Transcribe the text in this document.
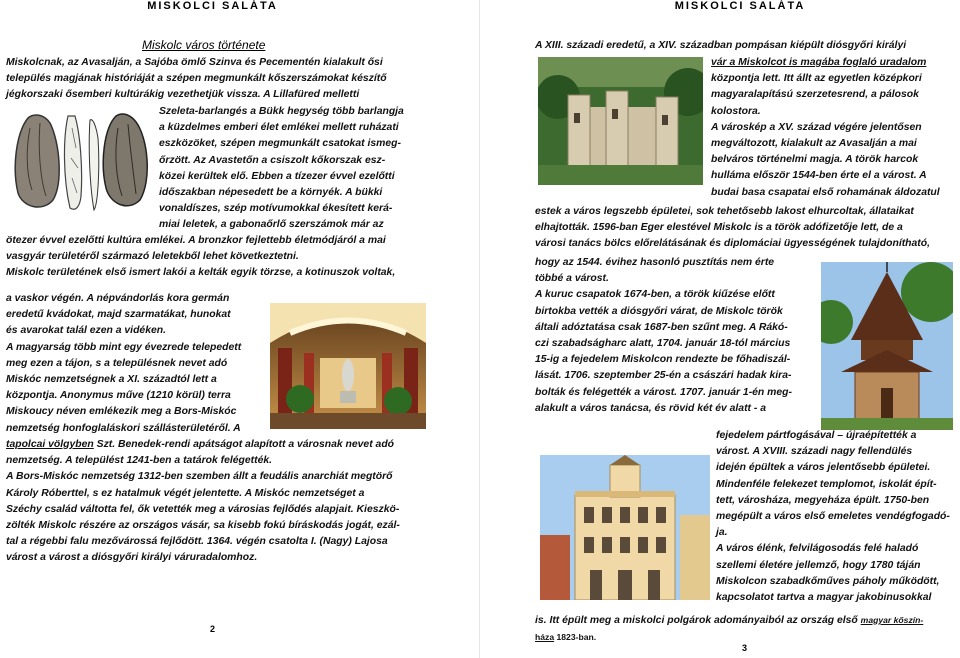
MISKOLCI SALÁTA
Miskolc város története
Miskolcnak, az Avasalján, a Sajóba ömlő Szinva és Pecementén kialakult ősi
település magjának históriáját a szépen megmunkált kőszerszámokat készítő
jégkorszaki ősemberi kultúrákig vezethetjük vissza. A Lillafüred melletti
Szeleta-barlangés a Bükk hegység több barlangja
a küzdelmes emberi élet emlékei mellett ruházati
eszközöket, szépen megmunkált csatokat ismeg-
őrzött. Az Avastetőn a csiszolt kőkorszak esz-
közei kerültek elő. Ebben a tízezer évvel ezelőtti
időszakban népesedett be a környék. A bükki
vonaldíszes, szép motívumokkal ékesített kerá-
miai leletek, a gabonaőrlő szerszámok már az
ötezer évvel ezelőtti kultúra emlékei. A bronzkor fejlettebb életmódjáról a mai
vasgyár területéről származó leletekből lehet következtetni.
Miskolc területének első ismert lakói a kelták egyik törzse, a kotinuszok voltak,
a vaskor végén. A népvándorlás kora germán
eredetű kvádokat, majd szarmatákat, hunokat
és avarokat talál ezen a vidéken.
A magyarság több mint egy évezrede telepedett
meg ezen a tájon, s a településnek nevet adó
Miskóc nemzetségnek a XI. századtól lett a
központja. Anonymus műve (1210 körül) terra
Miskoucy néven emlékezik meg a Bors-Miskóc
nemzetség honfoglaláskori szállásterületéről. A
tapolcai völgyben Szt. Benedek-rendi apátságot alapított a városnak nevet adó
nemzetség. A települést 1241-ben a tatárok felégették.
A Bors-Miskóc nemzetség 1312-ben szemben állt a feudális anarchiát megtörő
Károly Róberttel, s ez hatalmuk végét jelentette. A Miskóc nemzetséget a
Széchy család váltotta fel, ők vetették meg a városias fejlődés alapjait. Kieszkö-
zölték Miskolc részére az országos vásár, sa kisebb fokú bíráskodás jogát, ezál-
tal a régebbi falu mezővárossá fejlődött. 1364. végén csatolta I. (Nagy) Lajosa
várost a várost a diósgyőri királyi váruradalomhoz.
2
MISKOLCI SALÁTA
A XIII. századi eredetű, a XIV. században pompásan kiépült diósgyőri királyi
vár a Miskolcot is magába foglaló uradalom
központja lett. Itt állt az egyetlen középkori
magyaralapítású szerzetesrend, a pálosok
kolostora.
A városkép a XV. század végére jelentősen
megváltozott, kialakult az Avasalján a mai
belváros történelmi magja. A török harcok
hulláma először 1544-ben érte el a várost. A
budai basa csapatai első rohamának áldozatul
estek a város legszebb épületei, sok tehetősebb lakost elhurcoltak, állataikat
elhajtották. 1596-ban Eger elestével Miskolc is a török adófizetője lett, de a
városi tanács bölcs előrelátásának és diplomáciai ügyességének tulajdonítható,
hogy az 1544. évihez hasonló pusztítás nem érte
többé a várost.
A kuruc csapatok 1674-ben, a török kiűzése előtt
birtokba vették a diósgyőri várat, de Miskolc török
általi adóztatása csak 1687-ben szűnt meg. A Rákó-
czi szabadságharc alatt, 1704. január 18-tól március
15-ig a fejedelem Miskolcon rendezte be főhadiszál-
lását. 1706. szeptember 25-én a császári hadak kira-
bolták és felégették a várost. 1707. január 1-én meg-
alakult a város tanácsa, és rövid két év alatt - a
fejedelem pártfogásával – újraépítették a
várost. A XVIII. századi nagy fellendülés
idején épültek a város jelentősebb épületei.
Mindenféle felekezet templomot, iskolát épít-
tett, városháza, megyeháza épült. 1750-ben
megépült a város első emeletes vendégfogadó-
ja.
A város élénk, felvilágosodás felé haladó
szellemi életére jellemző, hogy 1780 táján
Miskolcon szabadkőműves páholy működött,
kapcsolatot tartva a magyar jakobinusokkal
is. Itt épült meg a miskolci polgárok adományaiból az ország első magyar kőszín-
háza 1823-ban.
3
